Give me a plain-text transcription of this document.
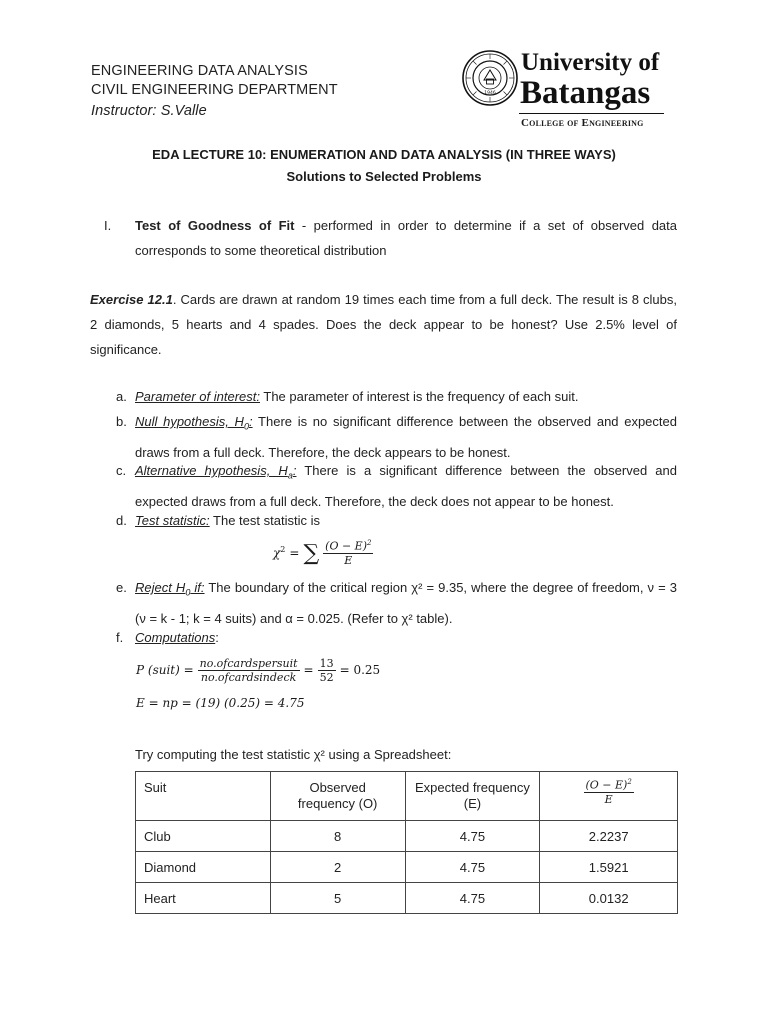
ENGINEERING DATA ANALYSIS
CIVIL ENGINEERING DEPARTMENT
Instructor: S.Valle
1946
University of
Batangas
College of Engineering
EDA LECTURE 10: ENUMERATION AND DATA ANALYSIS (IN THREE WAYS)
Solutions to Selected Problems
I. Test of Goodness of Fit - performed in order to determine if a set of observed data corresponds to some theoretical distribution
Exercise 12.1. Cards are drawn at random 19 times each time from a full deck. The result is 8 clubs, 2 diamonds, 5 hearts and 4 spades. Does the deck appear to be honest? Use 2.5% level of significance.
a. Parameter of interest: The parameter of interest is the frequency of each suit.
b. Null hypothesis, $H_0$: There is no significant difference between the observed and expected draws from a full deck. Therefore, the deck appears to be honest.
c. Alternative hypothesis, $H_a$: There is a significant difference between the observed and expected draws from a full deck. Therefore, the deck does not appear to be honest.
d. Test statistic: The test statistic is
$\chi^2$ = ∑ $\frac{(O - E)^2}{E}$
e. Reject $H_0$ if: The boundary of the critical region χ² = 9.35, where the degree of freedom, ν = 3 (ν = k - 1; k = 4 suits) and α = 0.025. (Refer to χ² table).
f. Computations:
P (suit) = $\frac{\text{no.ofcardspersuit}}{\text{no.ofcardsindeck}} = \frac{13}{52} = 0.25$
E = np = (19) (0.25) = 4.75
Try computing the test statistic χ² using a Spreadsheet:
Suit	Observed frequency (O)	Expected frequency (E)	$\frac{(O - E)^2}{E}$

Club	8	4.75	2.2237
Diamond	2	4.75	1.5921
Heart	5	4.75	0.0132
